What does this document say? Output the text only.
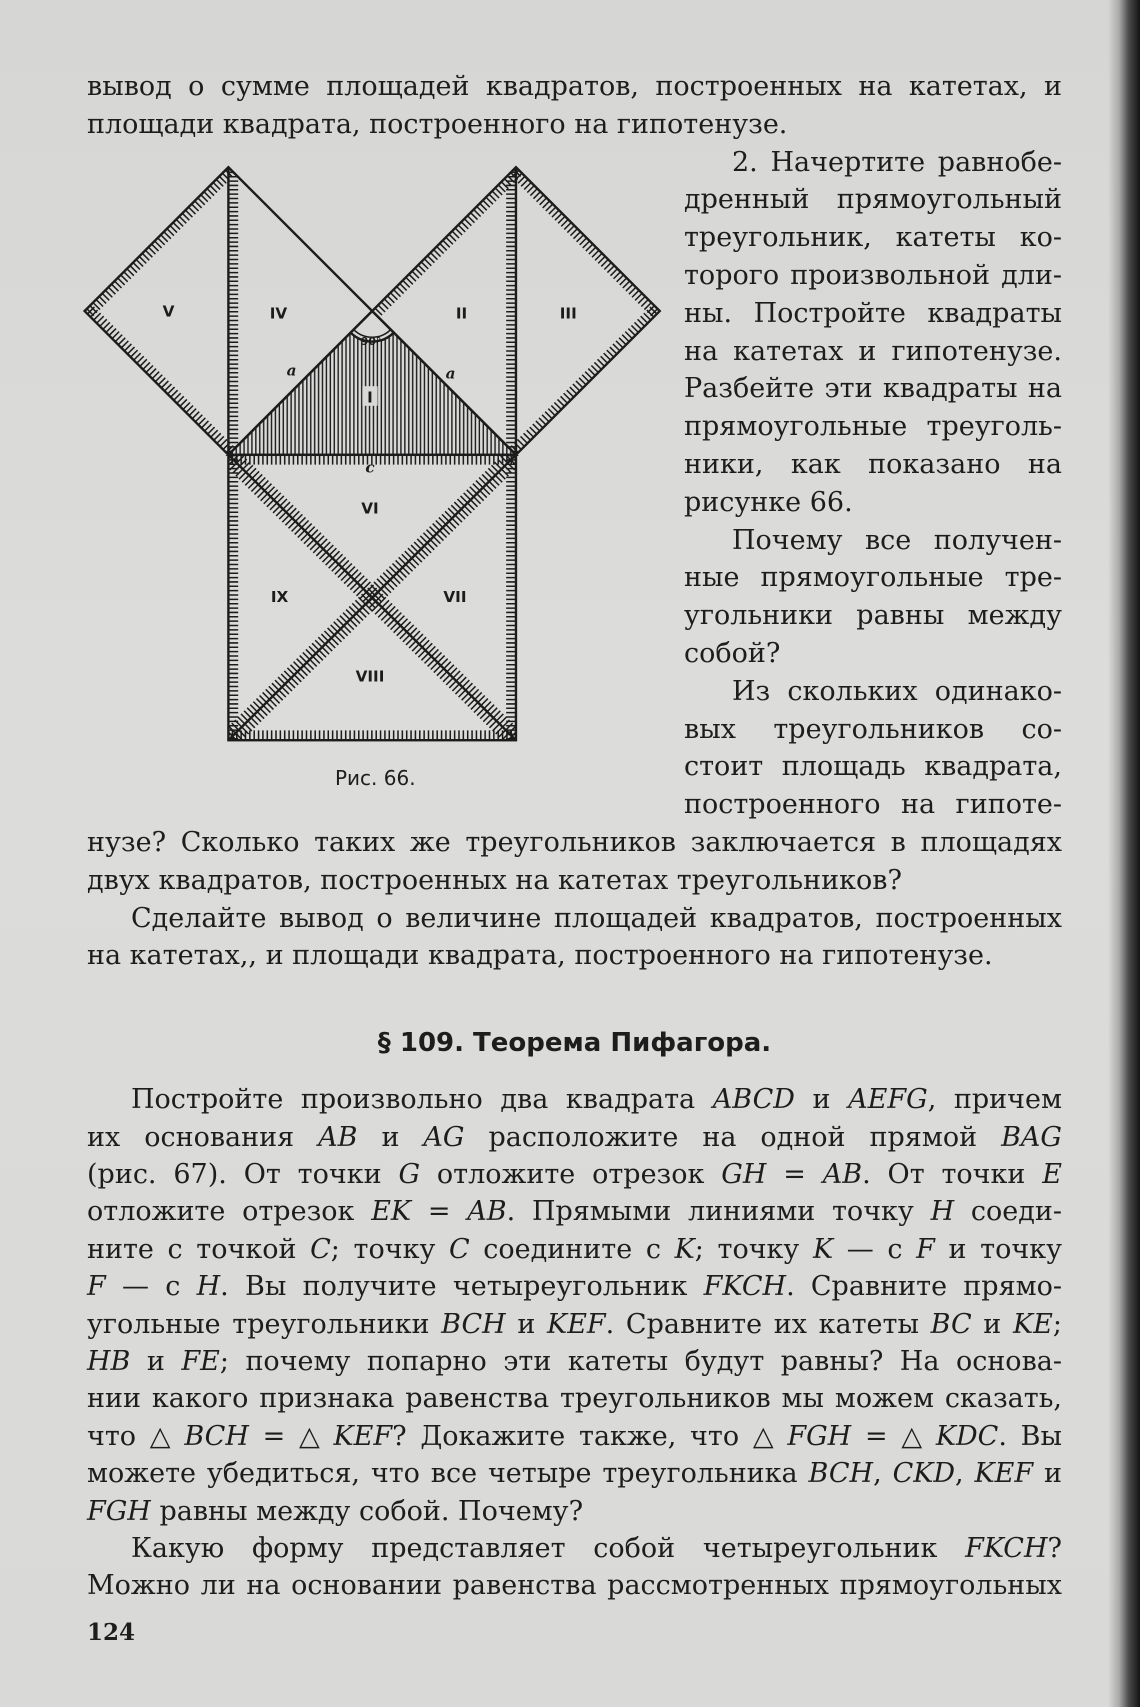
вывод о сумме площадей квадратов, построенных на катетах, и
площади квадрата, построенного на гипотенузе.
V	IV	II	III
90°
a	a
I
c
VI
IX	VII
VIII
Рис. 66.
2. Начертите равнобе-
дренный прямоугольный
треугольник, катеты ко-
торого произвольной дли-
ны. Постройте квадраты
на катетах и гипотенузе.
Разбейте эти квадраты на
прямоугольные треуголь-
ники, как показано на
рисунке 66.
Почему все получен-
ные прямоугольные тре-
угольники равны между
собой?
Из скольких одинако-
вых треугольников со-
стоит площадь квадрата,
построенного на гипоте-
нузе? Сколько таких же треугольников заключается в площадях
двух квадратов, построенных на катетах треугольников?
Сделайте вывод о величине площадей квадратов, построенных
на катетах,, и площади квадрата, построенного на гипотенузе.
§ 109. Теорема Пифагора.
Постройте произвольно два квадрата ABCD и AEFG, причем
их основания AB и AG расположите на одной прямой BAG
(рис. 67). От точки G отложите отрезок GH = AB. От точки E
отложите отрезок EK = AB. Прямыми линиями точку H соеди-
ните с точкой C; точку C соедините с K; точку K — с F и точку
F — с H. Вы получите четыреугольник FKCH. Сравните прямо-
угольные треугольники BCH и KEF. Сравните их катеты BC и KE;
HB и FE; почему попарно эти катеты будут равны? На основа-
нии какого признака равенства треугольников мы можем сказать,
что △ BCH = △ KEF? Докажите также, что △ FGH = △ KDC. Вы
можете убедиться, что все четыре треугольника BCH, CKD, KEF и
FGH равны между собой. Почему?
Какую форму представляет собой четыреугольник FKCH?
Можно ли на основании равенства рассмотренных прямоугольных
124
